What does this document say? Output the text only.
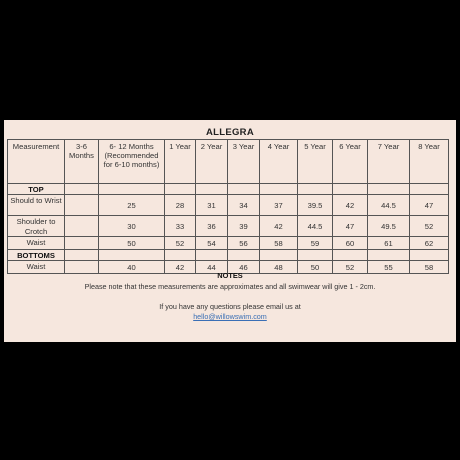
ALLEGRA
Measurement	3-6 Months	6- 12 Months (Recommended for 6-10 months)	1 Year	2 Year	3 Year	4 Year	5 Year	6 Year	7 Year	8 Year
TOP										
Should to Wrist		25	28	31	34	37	39.5	42	44.5	47
Shoulder to Crotch		30	33	36	39	42	44.5	47	49.5	52
Waist		50	52	54	56	58	59	60	61	62
BOTTOMS										
Waist		40	42	44	46	48	50	52	55	58
NOTES
Please note that these measurements are approximates and all swimwear will give 1 - 2cm.
If you have any questions please email us at
hello@willowswim.com
